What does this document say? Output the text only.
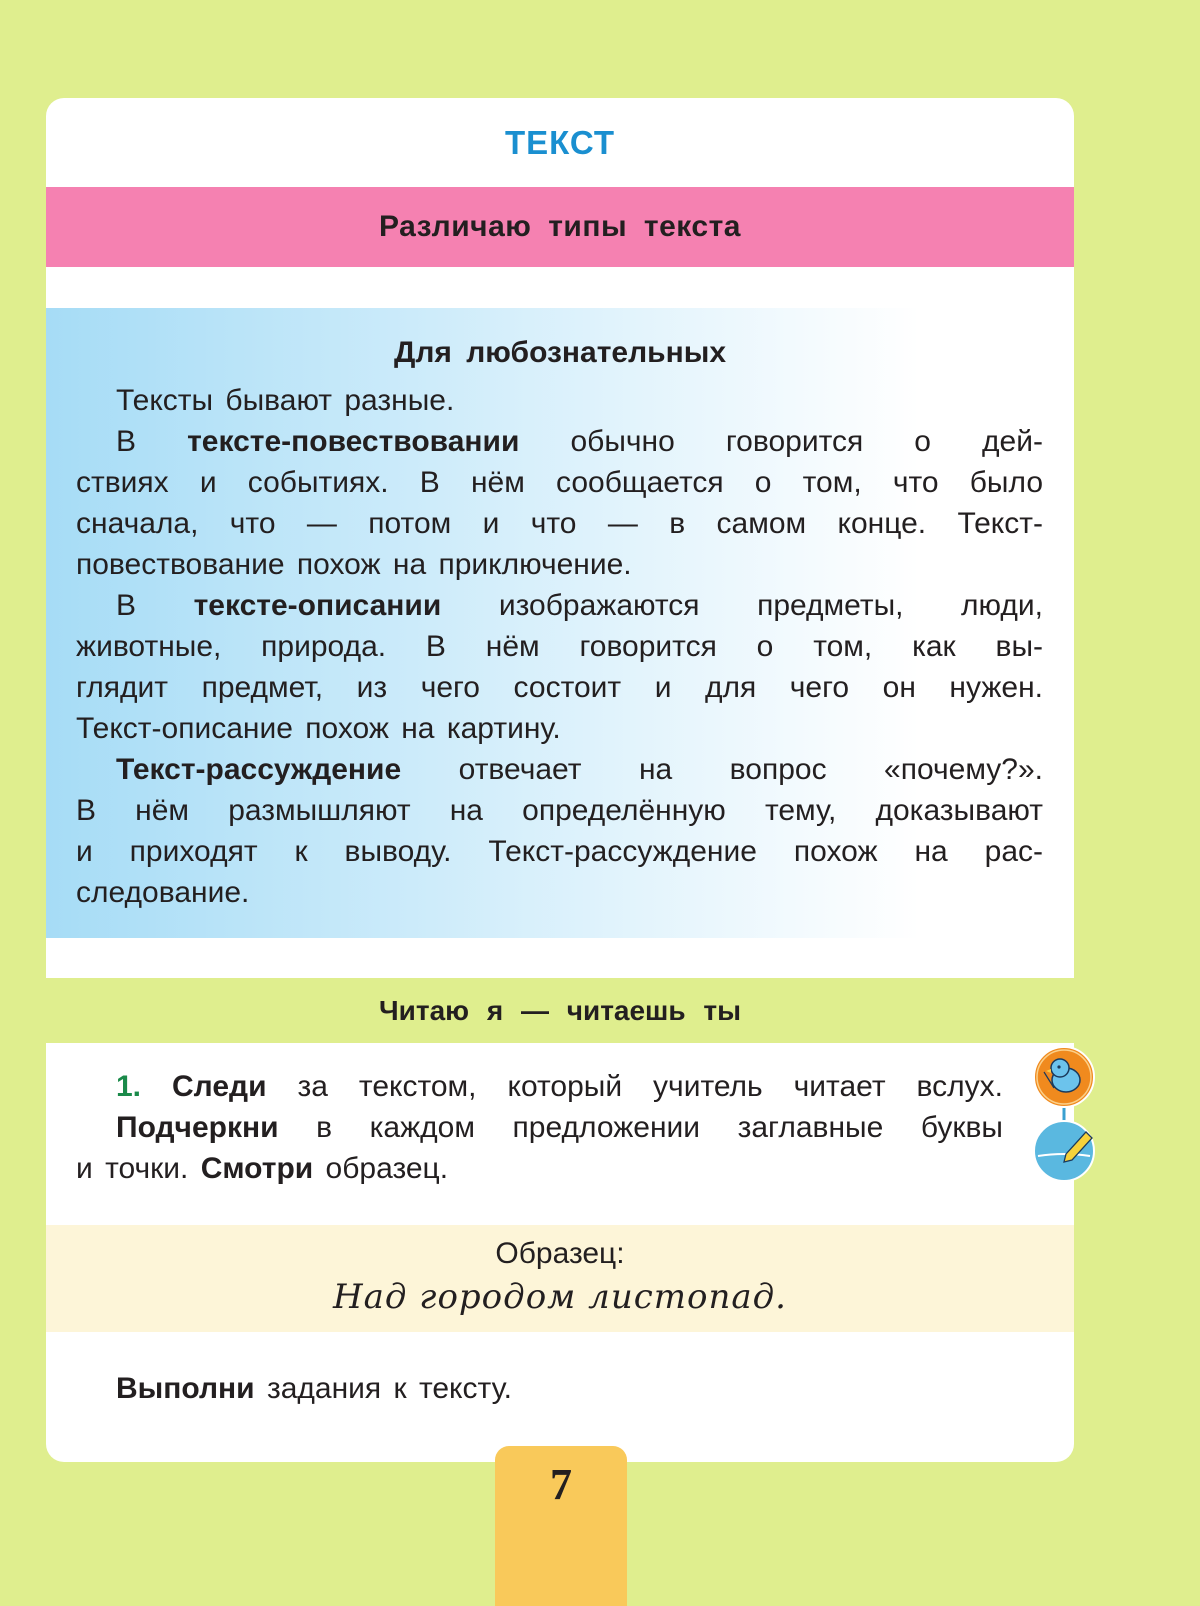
ТЕКСТ
Различаю типы текста
Для любознательных
Тексты бывают разные.
В тексте-повествовании обычно говорится о дей-
ствиях и событиях. В нём сообщается о том, что было
сначала, что — потом и что — в самом конце. Текст-
повествование похож на приключение.
В тексте-описании изображаются предметы, люди,
животные, природа. В нём говорится о том, как вы-
глядит предмет, из чего состоит и для чего он нужен.
Текст-описание похож на картину.
Текст-рассуждение отвечает на вопрос «почему?».
В нём размышляют на определённую тему, доказывают
и приходят к выводу. Текст-рассуждение похож на рас-
следование.
Читаю я — читаешь ты
1. Следи за текстом, который учитель читает вслух.
Подчеркни в каждом предложении заглавные буквы
и точки. Смотри образец.
Образец:
Над городом листопад.
Выполни задания к тексту.
7
